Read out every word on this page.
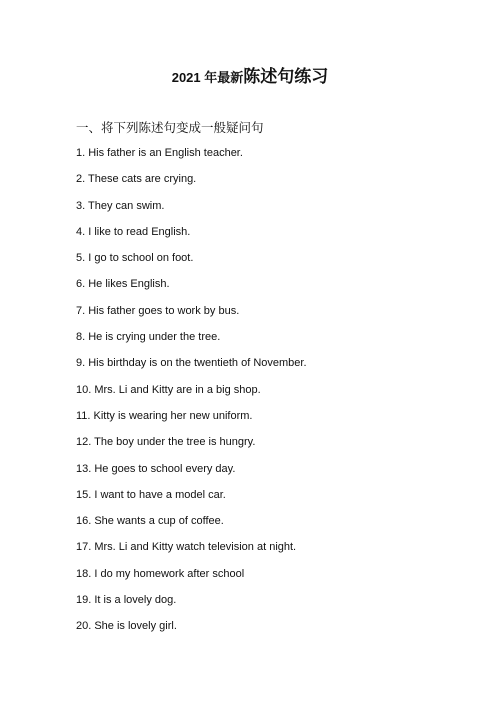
2021 年最新陈述句练习
一、将下列陈述句变成一般疑问句
1. His father is an English teacher.
2. These cats are crying.
3. They can swim.
4. I like to read English.
5. I go to school on foot.
6. He likes English.
7. His father goes to work by bus.
8. He is crying under the tree.
9. His birthday is on the twentieth of November.
10. Mrs. Li and Kitty are in a big shop.
11. Kitty is wearing her new uniform.
12. The boy under the tree is hungry.
13. He goes to school every day.
15. I want to have a model car.
16. She wants a cup of coffee.
17. Mrs. Li and Kitty watch television at night.
18. I do my homework after school
19. It is a lovely dog.
20. She is lovely girl.
